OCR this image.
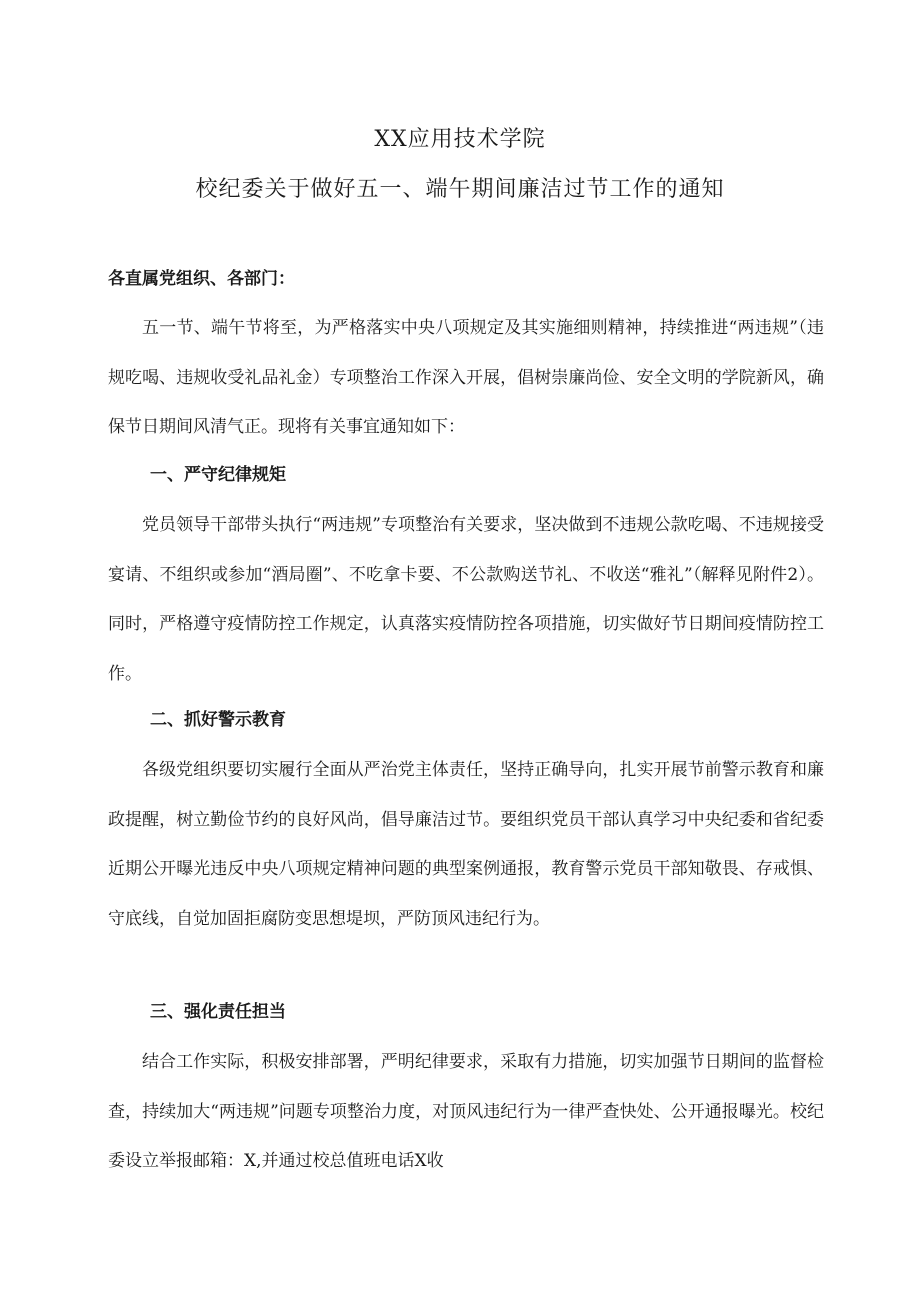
XX应用技术学院
校纪委关于做好五一、端午期间廉洁过节工作的通知

各直属党组织、各部门：

五一节、端午节将至，为严格落实中央八项规定及其实施细则精神，持续推进“两违规”（违规吃喝、违规收受礼品礼金）专项整治工作深入开展，倡树崇廉尚俭、安全文明的学院新风，确保节日期间风清气正。现将有关事宜通知如下：

一、严守纪律规矩

党员领导干部带头执行“两违规”专项整治有关要求，坚决做到不违规公款吃喝、不违规接受宴请、不组织或参加“酒局圈”、不吃拿卡要、不公款购送节礼、不收送“雅礼”（解释见附件2）。同时，严格遵守疫情防控工作规定，认真落实疫情防控各项措施，切实做好节日期间疫情防控工作。

二、抓好警示教育

各级党组织要切实履行全面从严治党主体责任，坚持正确导向，扎实开展节前警示教育和廉政提醒，树立勤俭节约的良好风尚，倡导廉洁过节。要组织党员干部认真学习中央纪委和省纪委近期公开曝光违反中央八项规定精神问题的典型案例通报，教育警示党员干部知敬畏、存戒惧、守底线，自觉加固拒腐防变思想堤坝，严防顶风违纪行为。

三、强化责任担当

结合工作实际，积极安排部署，严明纪律要求，采取有力措施，切实加强节日期间的监督检查，持续加大“两违规”问题专项整治力度，对顶风违纪行为一律严查快处、公开通报曝光。校纪委设立举报邮箱：X,并通过校总值班电话X收
